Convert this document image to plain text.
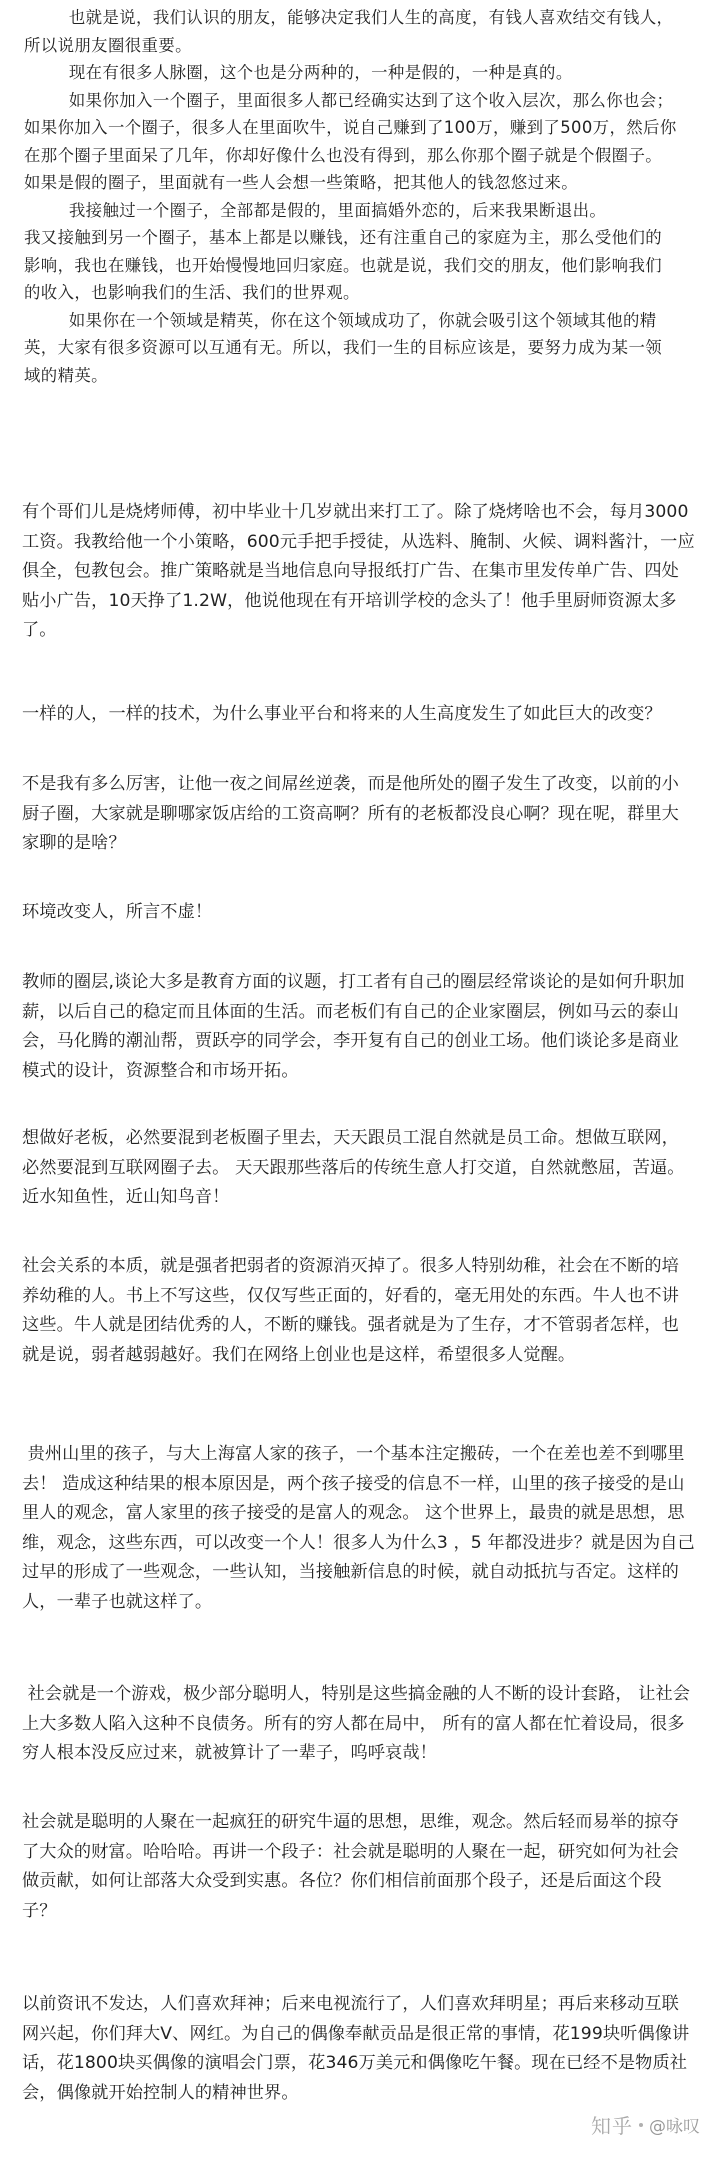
也就是说，我们认识的朋友，能够决定我们人生的高度，有钱人喜欢结交有钱人，
所以说朋友圈很重要。
现在有很多人脉圈，这个也是分两种的，一种是假的，一种是真的。
如果你加入一个圈子，里面很多人都已经确实达到了这个收入层次，那么你也会；
如果你加入一个圈子，很多人在里面吹牛，说自己赚到了100万，赚到了500万，然后你
在那个圈子里面呆了几年，你却好像什么也没有得到，那么你那个圈子就是个假圈子。
如果是假的圈子，里面就有一些人会想一些策略，把其他人的钱忽悠过来。
我接触过一个圈子，全部都是假的，里面搞婚外恋的，后来我果断退出。
我又接触到另一个圈子，基本上都是以赚钱，还有注重自己的家庭为主，那么受他们的
影响，我也在赚钱，也开始慢慢地回归家庭。也就是说，我们交的朋友，他们影响我们
的收入，也影响我们的生活、我们的世界观。
如果你在一个领域是精英，你在这个领域成功了，你就会吸引这个领域其他的精
英，大家有很多资源可以互通有无。所以，我们一生的目标应该是，要努力成为某一领
域的精英。
有个哥们儿是烧烤师傅，初中毕业十几岁就出来打工了。除了烧烤啥也不会，每月3000
工资。我教给他一个小策略，600元手把手授徒，从选料、腌制、火候、调料酱汁，一应
俱全，包教包会。推广策略就是当地信息向导报纸打广告、在集市里发传单广告、四处
贴小广告，10天挣了1.2W，他说他现在有开培训学校的念头了！他手里厨师资源太多
了。
一样的人，一样的技术，为什么事业平台和将来的人生高度发生了如此巨大的改变？
不是我有多么厉害，让他一夜之间屌丝逆袭，而是他所处的圈子发生了改变，以前的小
厨子圈，大家就是聊哪家饭店给的工资高啊？所有的老板都没良心啊？现在呢，群里大
家聊的是啥？
环境改变人，所言不虚！
教师的圈层,谈论大多是教育方面的议题，打工者有自己的圈层经常谈论的是如何升职加
薪，以后自己的稳定而且体面的生活。而老板们有自己的企业家圈层，例如马云的泰山
会，马化腾的潮汕帮，贾跃亭的同学会，李开复有自己的创业工场。他们谈论多是商业
模式的设计，资源整合和市场开拓。
想做好老板，必然要混到老板圈子里去，天天跟员工混自然就是员工命。想做互联网，
必然要混到互联网圈子去。 天天跟那些落后的传统生意人打交道，自然就憋屈，苦逼。
近水知鱼性，近山知鸟音！
社会关系的本质，就是强者把弱者的资源消灭掉了。很多人特别幼稚，社会在不断的培
养幼稚的人。书上不写这些，仅仅写些正面的，好看的，毫无用处的东西。牛人也不讲
这些。牛人就是团结优秀的人，不断的赚钱。强者就是为了生存，才不管弱者怎样，也
就是说，弱者越弱越好。我们在网络上创业也是这样，希望很多人觉醒。
贵州山里的孩子，与大上海富人家的孩子，一个基本注定搬砖，一个在差也差不到哪里
去！ 造成这种结果的根本原因是，两个孩子接受的信息不一样，山里的孩子接受的是山
里人的观念，富人家里的孩子接受的是富人的观念。 这个世界上，最贵的就是思想，思
维，观念，这些东西，可以改变一个人！很多人为什么3 ，5 年都没进步？就是因为自己
过早的形成了一些观念，一些认知，当接触新信息的时候，就自动抵抗与否定。这样的
人，一辈子也就这样了。
社会就是一个游戏，极少部分聪明人，特别是这些搞金融的人不断的设计套路， 让社会
上大多数人陷入这种不良债务。所有的穷人都在局中， 所有的富人都在忙着设局，很多
穷人根本没反应过来，就被算计了一辈子，呜呼哀哉！
社会就是聪明的人聚在一起疯狂的研究牛逼的思想，思维，观念。然后轻而易举的掠夺
了大众的财富。哈哈哈。再讲一个段子：社会就是聪明的人聚在一起，研究如何为社会
做贡献，如何让部落大众受到实惠。各位？你们相信前面那个段子，还是后面这个段
子？
以前资讯不发达，人们喜欢拜神；后来电视流行了，人们喜欢拜明星；再后来移动互联
网兴起，你们拜大V、网红。为自己的偶像奉献贡品是很正常的事情，花199块听偶像讲
话，花1800块买偶像的演唱会门票，花346万美元和偶像吃午餐。现在已经不是物质社
会，偶像就开始控制人的精神世界。
知乎 @咏叹
